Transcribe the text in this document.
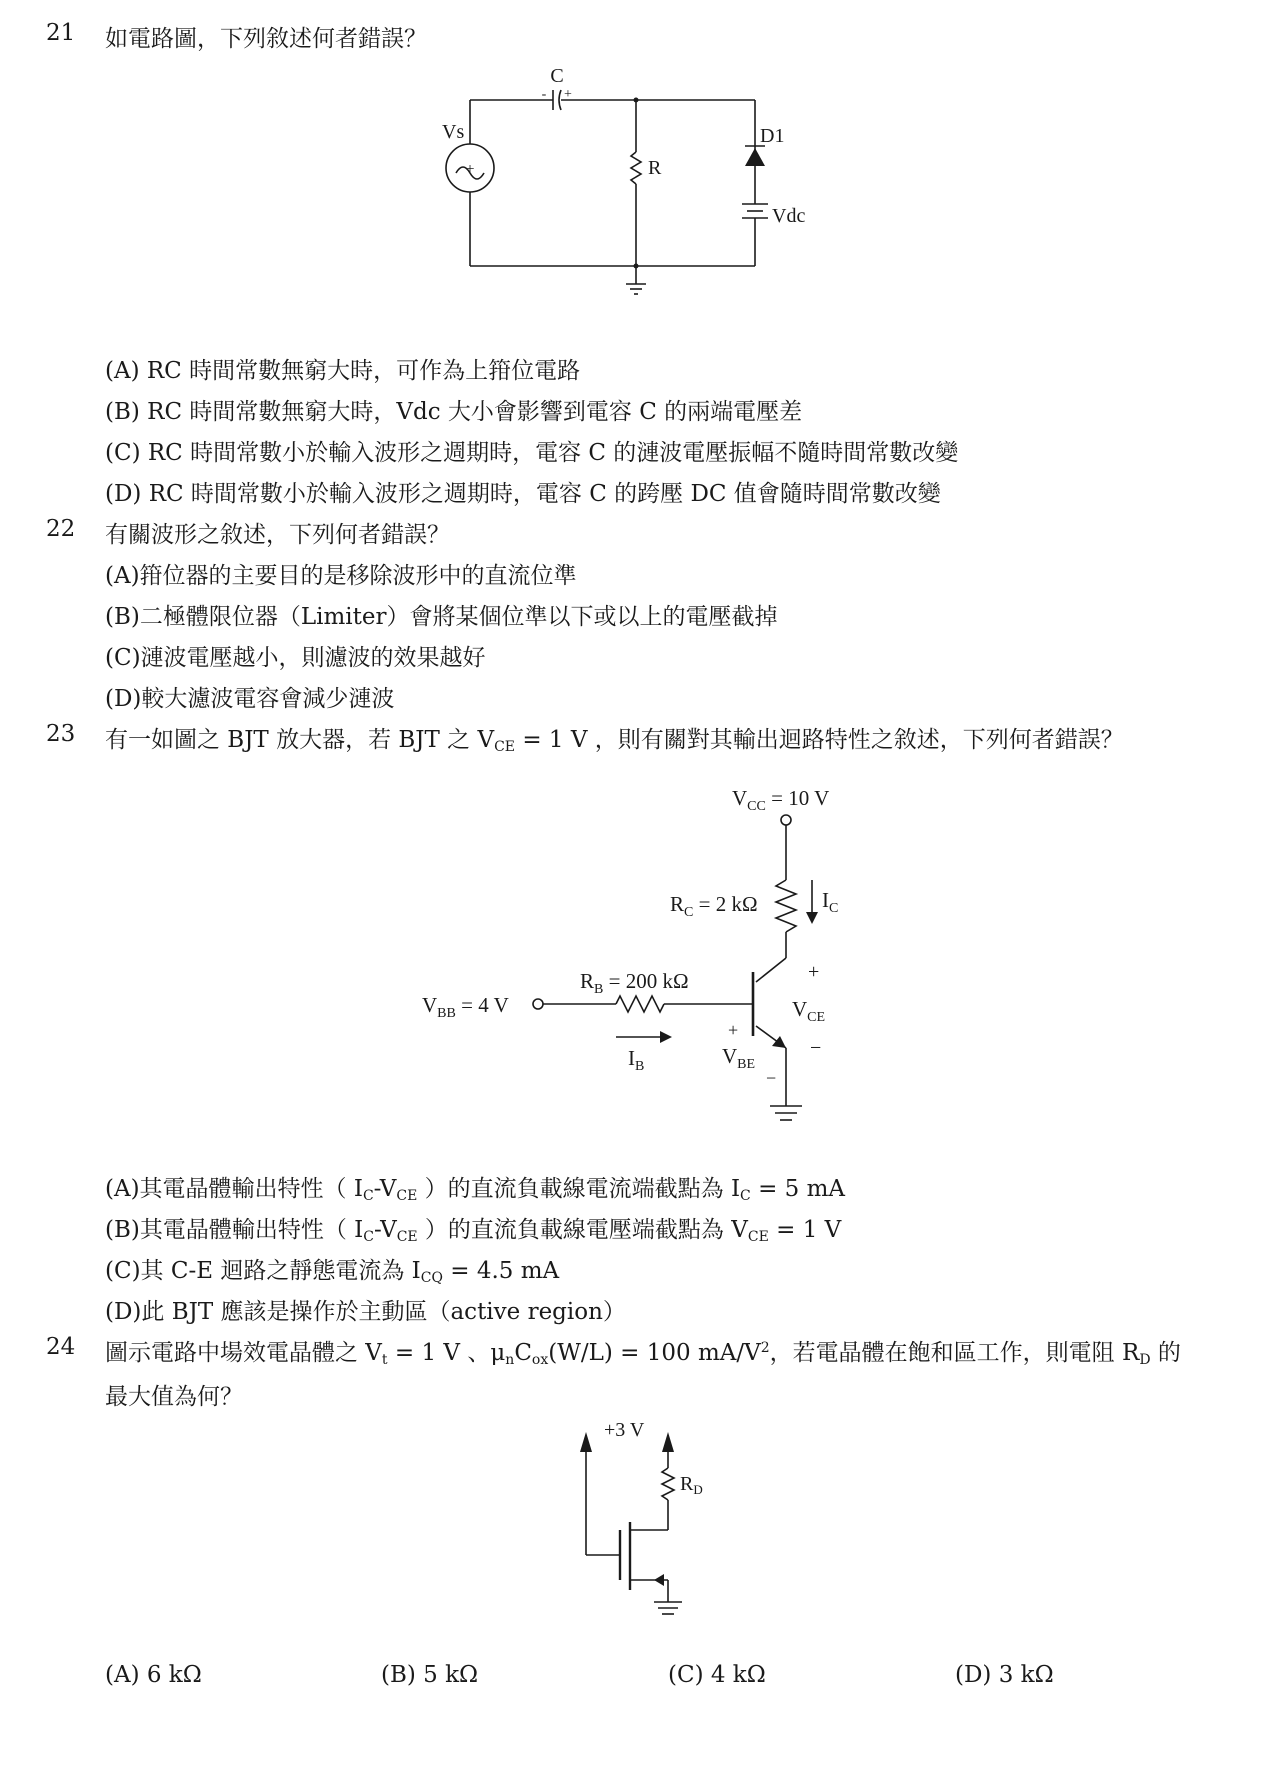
21 如電路圖，下列敘述何者錯誤？
+
C
- +
Vs
R
D1
Vdc
(A) RC 時間常數無窮大時，可作為上箝位電路
(B) RC 時間常數無窮大時，Vdc 大小會影響到電容 C 的兩端電壓差
(C) RC 時間常數小於輸入波形之週期時，電容 C 的漣波電壓振幅不隨時間常數改變
(D) RC 時間常數小於輸入波形之週期時，電容 C 的跨壓 DC 值會隨時間常數改變
22 有關波形之敘述，下列何者錯誤？
(A)箝位器的主要目的是移除波形中的直流位準
(B)二極體限位器（Limiter）會將某個位準以下或以上的電壓截掉
(C)漣波電壓越小，則濾波的效果越好
(D)較大濾波電容會減少漣波
23 有一如圖之 BJT 放大器，若 BJT 之 $V_{CE} = 1$ V ，則有關對其輸出迴路特性之敘述，下列何者錯誤？
$V_{CC} = 10$ V
$R_C = 2$ kΩ	$I_C$
$R_B = 200$ kΩ
$V_{BB} = 4$ V
$I_B$	$V_{BE}$
$V_{CE}$
+
−
+
−
(A)其電晶體輸出特性（ $I_C-V_{CE}$ ）的直流負載線電流端截點為 $I_C = 5$ mA
(B)其電晶體輸出特性（ $I_C-V_{CE}$ ）的直流負載線電壓端截點為 $V_{CE} = 1$ V
(C)其 C-E 迴路之靜態電流為 $I_{CQ} = 4.5$ mA
(D)此 BJT 應該是操作於主動區（active region）
24 圖示電路中場效電晶體之 $V_t = 1$ V 、$\mu_nC_{ox}(W/L) = 100$ $mA/V^2$，若電晶體在飽和區工作，則電阻 $R_D$ 的
最大值為何？
+3 V
$R_D$
(A) 6 kΩ	(B) 5 kΩ	(C) 4 kΩ	(D) 3 kΩ
